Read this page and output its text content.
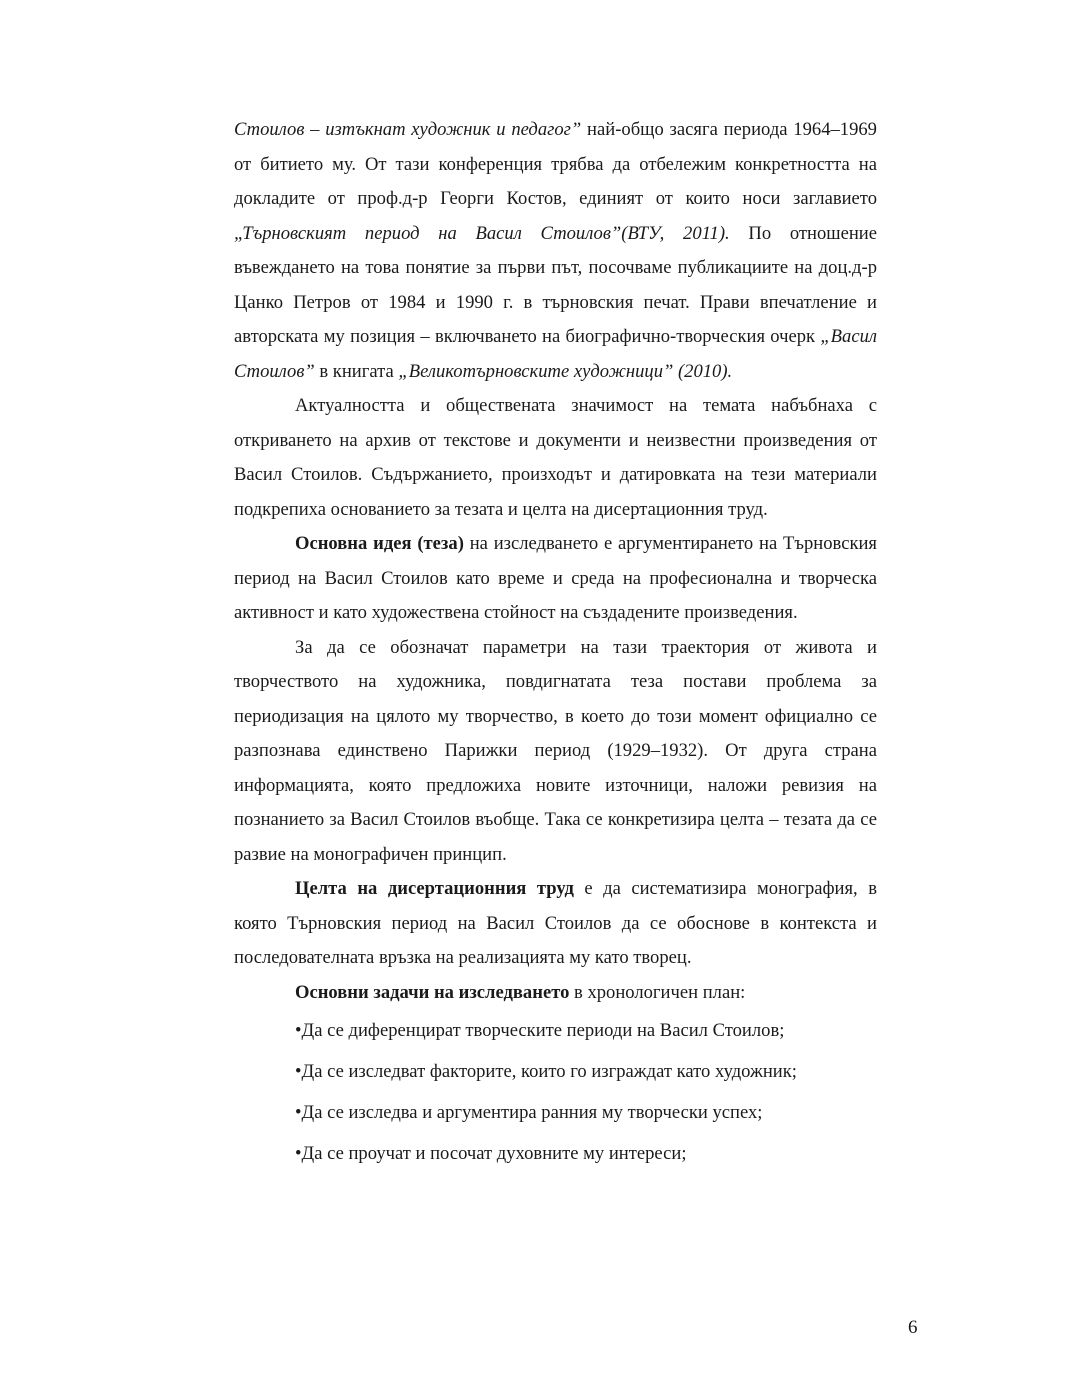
Стоилов – изтъкнат художник и педагог” най-общо засяга периода 1964–1969 от битието му. От тази конференция трябва да отбележим конкретността на докладите от проф.д-р Георги Костов, единият от които носи заглавието „Търновският период на Васил Стоилов”(ВТУ, 2011). По отношение въвеждането на това понятие за първи път, посочваме публикациите на доц.д-р Цанко Петров от 1984 и 1990 г. в търновския печат. Прави впечатление и авторската му позиция – включването на биографично-творческия очерк „Васил Стоилов” в книгата „Великотърновските художници” (2010).

Актуалността и обществената значимост на темата набъбнаха с откриването на архив от текстове и документи и неизвестни произведения от Васил Стоилов. Съдържанието, произходът и датировката на тези материали подкрепиха основанието за тезата и целта на дисертационния труд.

Основна идея (теза) на изследването е аргументирането на Търновския период на Васил Стоилов като време и среда на професионална и творческа активност и като художествена стойност на създадените произведения.

За да се обозначат параметри на тази траектория от живота и творчеството на художника, повдигнатата теза постави проблема за периодизация на цялото му творчество, в което до този момент официално се разпознава единствено Парижки период (1929–1932). От друга страна информацията, която предложиха новите източници, наложи ревизия на познанието за Васил Стоилов въобще. Така се конкретизира целта – тезата да се развие на монографичен принцип.

Целта на дисертационния труд е да систематизира монография, в която Търновския период на Васил Стоилов да се обоснове в контекста и последователната връзка на реализацията му като творец.

Основни задачи на изследването в хронологичен план:

•Да се диференцират творческите периоди на Васил Стоилов;
•Да се изследват факторите, които го изграждат като художник;
•Да се изследва и аргументира ранния му творчески успех;
•Да се проучат и посочат духовните му интереси;
6
